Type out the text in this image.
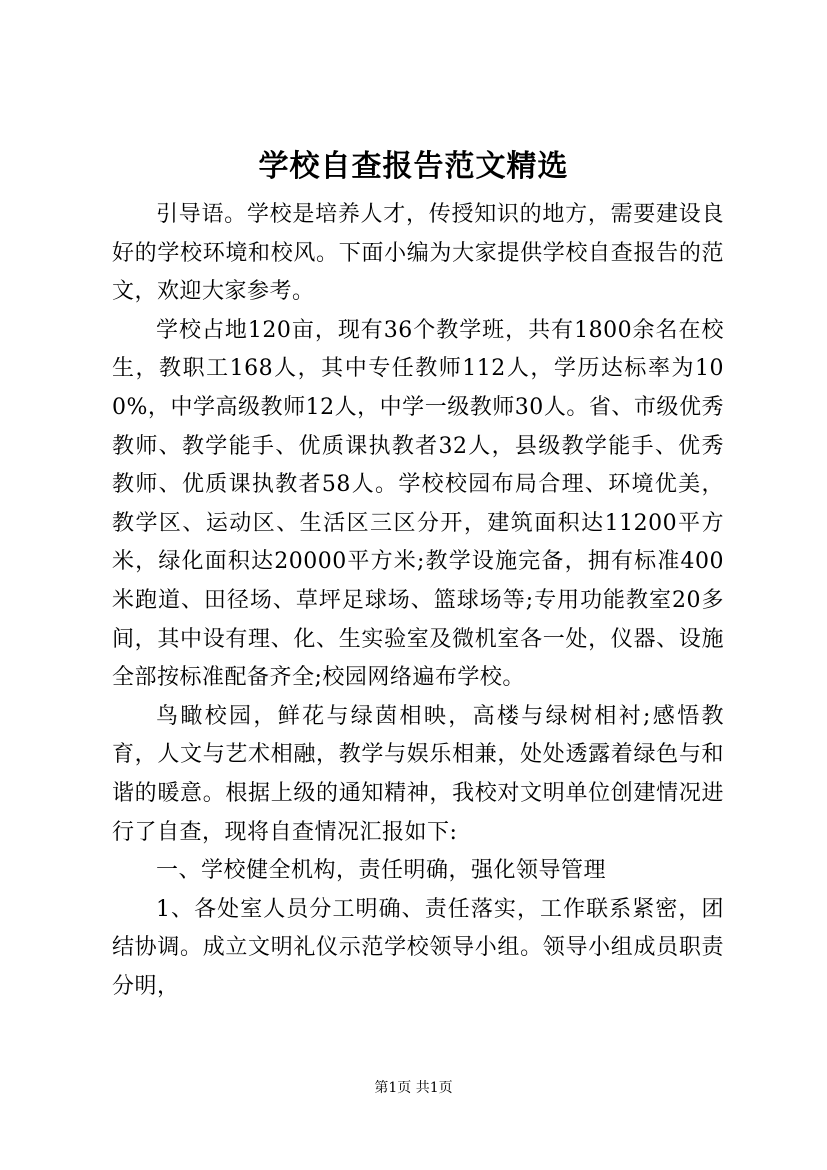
学校自查报告范文精选

引导语。学校是培养人才，传授知识的地方，需要建设良好的学校环境和校风。下面小编为大家提供学校自查报告的范文，欢迎大家参考。

学校占地120亩，现有36个教学班，共有1800余名在校生，教职工168人，其中专任教师112人，学历达标率为100%，中学高级教师12人，中学一级教师30人。省、市级优秀教师、教学能手、优质课执教者32人，县级教学能手、优秀教师、优质课执教者58人。学校校园布局合理、环境优美，教学区、运动区、生活区三区分开，建筑面积达11200平方米，绿化面积达20000平方米;教学设施完备，拥有标准400米跑道、田径场、草坪足球场、篮球场等;专用功能教室20多间，其中设有理、化、生实验室及微机室各一处，仪器、设施全部按标准配备齐全;校园网络遍布学校。

鸟瞰校园，鲜花与绿茵相映，高楼与绿树相衬;感悟教育，人文与艺术相融，教学与娱乐相兼，处处透露着绿色与和谐的暖意。根据上级的通知精神，我校对文明单位创建情况进行了自查，现将自查情况汇报如下:

一、学校健全机构，责任明确，强化领导管理

1、各处室人员分工明确、责任落实，工作联系紧密，团结协调。成立文明礼仪示范学校领导小组。领导小组成员职责分明，

第1页 共1页
